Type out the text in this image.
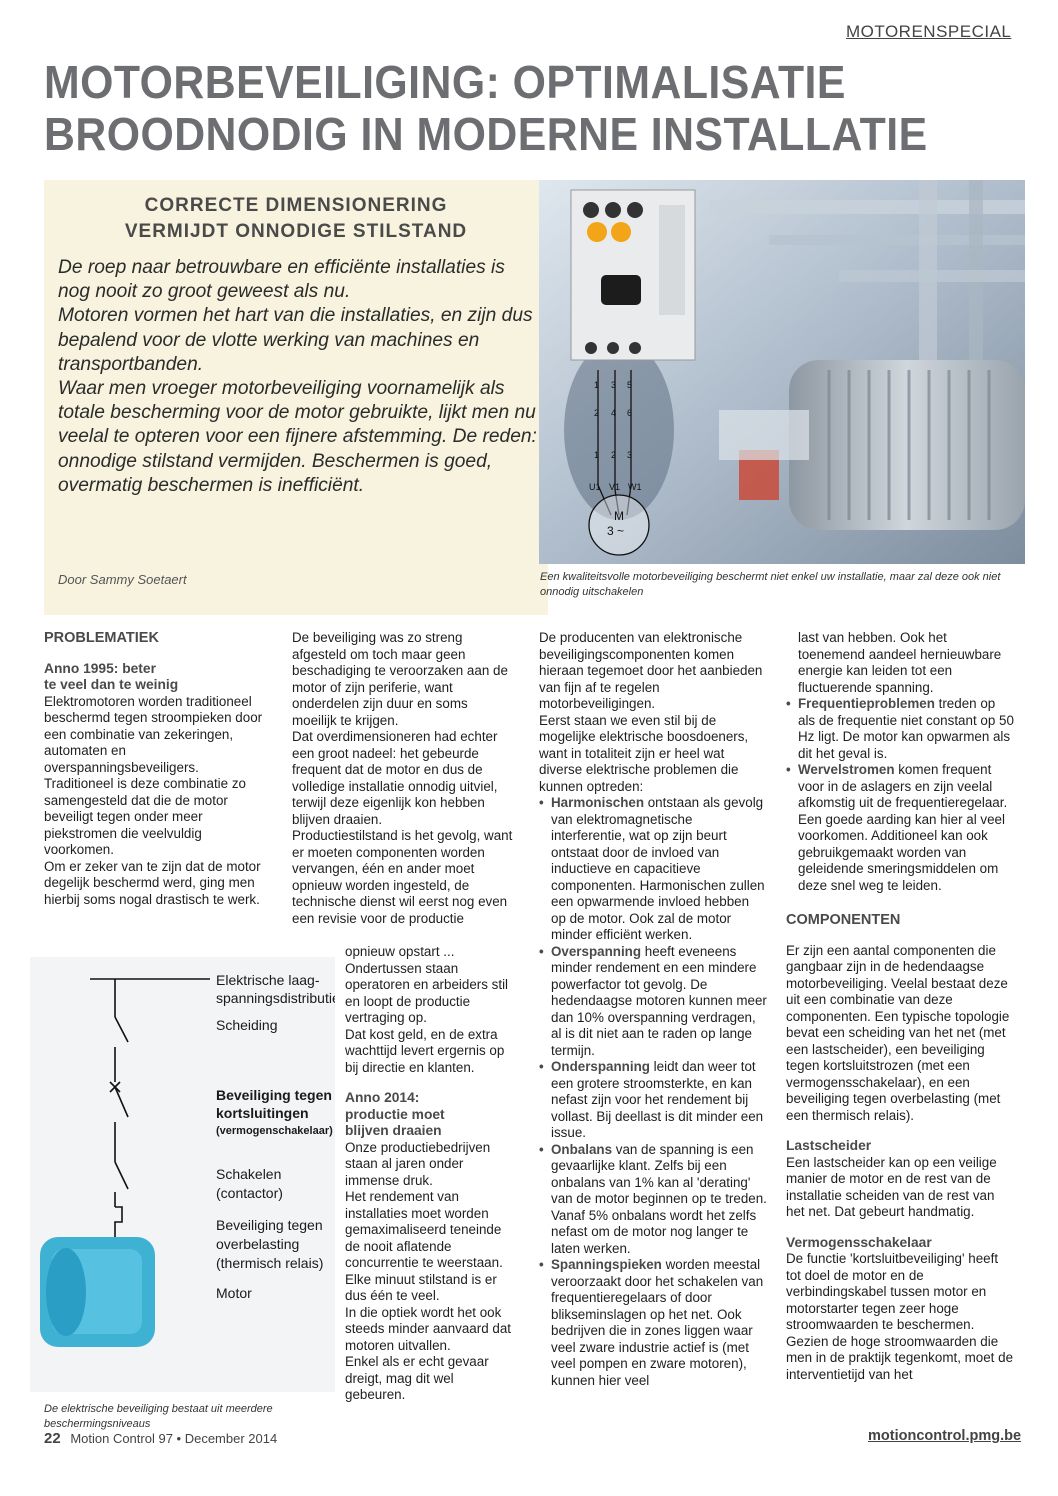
MOTORENSPECIAL
MOTORBEVEILIGING: OPTIMALISATIE
BROODNODIG IN MODERNE INSTALLATIE
CORRECTE DIMENSIONERING
VERMIJDT ONNODIGE STILSTAND

De roep naar betrouwbare en efficiënte installaties is nog nooit zo groot geweest als nu.

Motoren vormen het hart van die installaties, en zijn dus bepalend voor de vlotte werking van machines en transportbanden.

Waar men vroeger motorbeveiliging voornamelijk als totale bescherming voor de motor gebruikte, lijkt men nu veelal te opteren voor een fijnere afstemming. De reden: onnodige stilstand vermijden. Beschermen is goed, overmatig beschermen is inefficiënt.

Door Sammy Soetaert
1 3 5
2 4 6
1 2 3
U1 V1 W1
M
3 ~
Een kwaliteitsvolle motorbeveiliging beschermt niet enkel uw installatie, maar zal deze ook niet onnodig uitschakelen

PROBLEMATIEK

Anno 1995: beter

te veel dan te weinig

Elektromotoren worden traditioneel beschermd tegen stroompieken door een combinatie van zekeringen, automaten en overspanningsbeveiligers.

Traditioneel is deze combinatie zo samengesteld dat die de motor beveiligt tegen onder meer piekstromen die veelvuldig voorkomen.

Om er zeker van te zijn dat de motor degelijk beschermd werd, ging men hierbij soms nogal drastisch te werk.

Elektrische laag-
spanningsdistributie
Scheiding
Beveiliging tegen
kortsluitingen
(vermogenschakelaar)
Schakelen
(contactor)
Beveiliging tegen
overbelasting
(thermisch relais)
Motor
De elektrische beveiliging bestaat uit meerdere beschermingsniveaus

De beveiliging was zo streng afgesteld om toch maar geen beschadiging te veroorzaken aan de motor of zijn periferie, want onderdelen zijn duur en soms moeilijk te krijgen.

Dat overdimensioneren had echter een groot nadeel: het gebeurde frequent dat de motor en dus de volledige installatie onnodig uitviel, terwijl deze eigenlijk kon hebben blijven draaien.

Productiestilstand is het gevolg, want er moeten componenten worden vervangen, één en ander moet opnieuw worden ingesteld, de technische dienst wil eerst nog even een revisie voor de productie

opnieuw opstart ...

Ondertussen staan operatoren en arbeiders stil en loopt de productie vertraging op.

Dat kost geld, en de extra wachttijd levert ergernis op bij directie en klanten.

Anno 2014:

productie moet

blijven draaien

Onze productiebedrijven staan al jaren onder immense druk.

Het rendement van installaties moet worden gemaximaliseerd teneinde de nooit aflatende concurrentie te weerstaan.

Elke minuut stilstand is er dus één te veel.

In die optiek wordt het ook steeds minder aanvaard dat motoren uitvallen.

Enkel als er echt gevaar dreigt, mag dit wel gebeuren.

De producenten van elektronische beveiligingscomponenten komen hieraan tegemoet door het aanbieden van fijn af te regelen motorbeveiligingen.

Eerst staan we even stil bij de mogelijke elektrische boosdoeners, want in totaliteit zijn er heel wat diverse elektrische problemen die kunnen optreden:

• Harmonischen ontstaan als gevolg van elektromagnetische interferentie, wat op zijn beurt ontstaat door de invloed van inductieve en capacitieve componenten. Harmonischen zullen een opwarmende invloed hebben op de motor. Ook zal de motor minder efficiënt werken.

• Overspanning heeft eveneens minder rendement en een mindere powerfactor tot gevolg. De hedendaagse motoren kunnen meer dan 10% overspanning verdragen, al is dit niet aan te raden op lange termijn.

• Onderspanning leidt dan weer tot een grotere stroomsterkte, en kan nefast zijn voor het rendement bij vollast. Bij deellast is dit minder een issue.

• Onbalans van de spanning is een gevaarlijke klant. Zelfs bij een onbalans van 1% kan al 'derating' van de motor beginnen op te treden. Vanaf 5% onbalans wordt het zelfs nefast om de motor nog langer te laten werken.

• Spanningspieken worden meestal veroorzaakt door het schakelen van frequentieregelaars of door blikseminslagen op het net. Ook bedrijven die in zones liggen waar veel zware industrie actief is (met veel pompen en zware motoren), kunnen hier veel

last van hebben. Ook het toenemend aandeel hernieuwbare energie kan leiden tot een fluctuerende spanning.

• Frequentieproblemen treden op als de frequentie niet constant op 50 Hz ligt. De motor kan opwarmen als dit het geval is.

• Wervelstromen komen frequent voor in de aslagers en zijn veelal afkomstig uit de frequentieregelaar. Een goede aarding kan hier al veel voorkomen. Additioneel kan ook gebruikgemaakt worden van geleidende smeringsmiddelen om deze snel weg te leiden.

COMPONENTEN

Er zijn een aantal componenten die gangbaar zijn in de hedendaagse motorbeveiliging. Veelal bestaat deze uit een combinatie van deze componenten. Een typische topologie bevat een scheiding van het net (met een lastscheider), een beveiliging tegen kortsluitstrozen (met een vermogensschakelaar), en een beveiliging tegen overbelasting (met een thermisch relais).

Lastscheider

Een lastscheider kan op een veilige manier de motor en de rest van de installatie scheiden van de rest van het net. Dat gebeurt handmatig.

Vermogensschakelaar

De functie 'kortsluitbeveiliging' heeft tot doel de motor en de verbindingskabel tussen motor en motorstarter tegen zeer hoge stroomwaarden te beschermen.

Gezien de hoge stroomwaarden die men in de praktijk tegenkomt, moet de interventietijd van het

22 Motion Control 97 • December 2014	motioncontrol.pmg.be
